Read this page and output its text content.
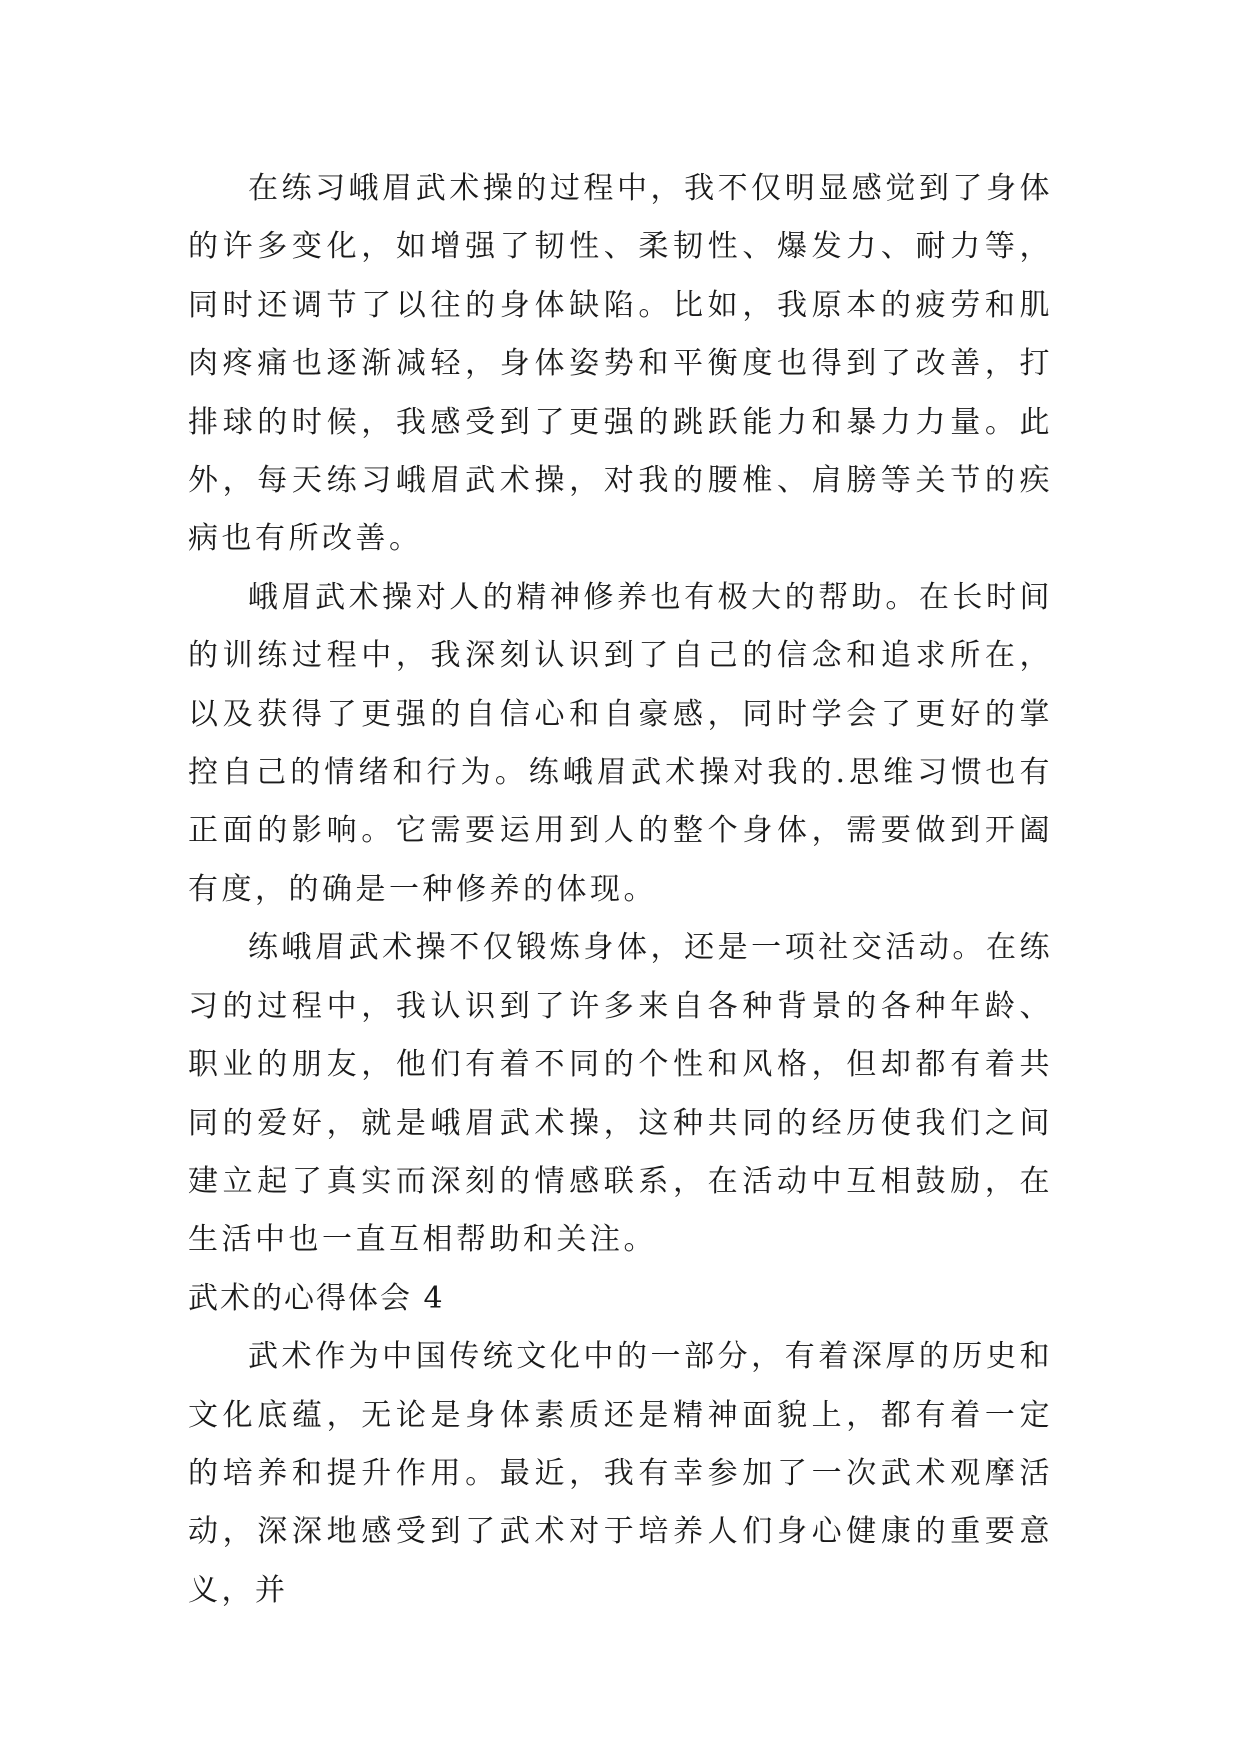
在练习峨眉武术操的过程中，我不仅明显感觉到了身体的许多变化，如增强了韧性、柔韧性、爆发力、耐力等，同时还调节了以往的身体缺陷。比如，我原本的疲劳和肌肉疼痛也逐渐减轻，身体姿势和平衡度也得到了改善，打排球的时候，我感受到了更强的跳跃能力和暴力力量。此外，每天练习峨眉武术操，对我的腰椎、肩膀等关节的疾病也有所改善。

峨眉武术操对人的精神修养也有极大的帮助。在长时间的训练过程中，我深刻认识到了自己的信念和追求所在，以及获得了更强的自信心和自豪感，同时学会了更好的掌控自己的情绪和行为。练峨眉武术操对我的.思维习惯也有正面的影响。它需要运用到人的整个身体，需要做到开阖有度，的确是一种修养的体现。

练峨眉武术操不仅锻炼身体，还是一项社交活动。在练习的过程中，我认识到了许多来自各种背景的各种年龄、职业的朋友，他们有着不同的个性和风格，但却都有着共同的爱好，就是峨眉武术操，这种共同的经历使我们之间建立起了真实而深刻的情感联系，在活动中互相鼓励，在生活中也一直互相帮助和关注。

武术的心得体会 4

武术作为中国传统文化中的一部分，有着深厚的历史和文化底蕴，无论是身体素质还是精神面貌上，都有着一定的培养和提升作用。最近，我有幸参加了一次武术观摩活动，深深地感受到了武术对于培养人们身心健康的重要意义，并
